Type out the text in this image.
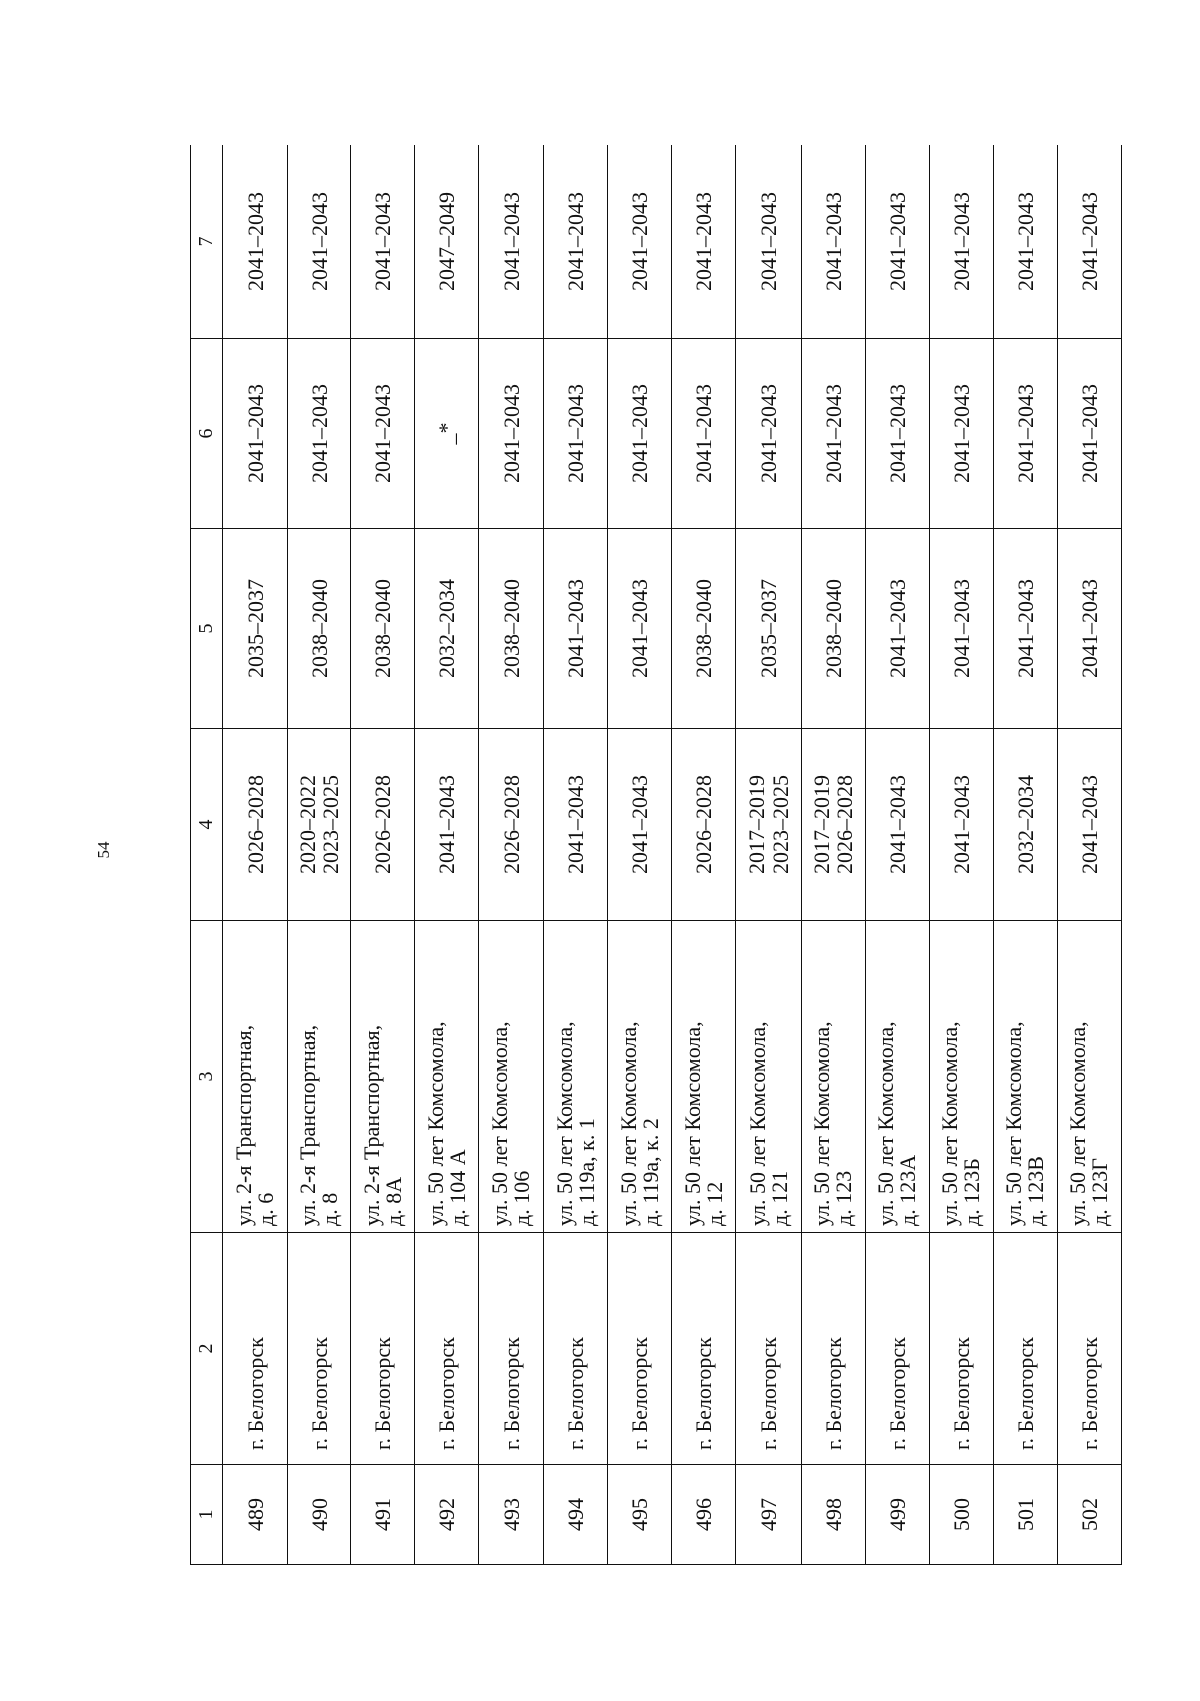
54
1	2	3	4	5	6	7
489	г. Белогорск	ул. 2-я Транспортная,
д. 6	2026–2028	2035–2037	2041–2043	2041–2043
490	г. Белогорск	ул. 2-я Транспортная,
д. 8	2020–2022
2023–2025	2038–2040	2041–2043	2041–2043
491	г. Белогорск	ул. 2-я Транспортная,
д. 8А	2026–2028	2038–2040	2041–2043	2041–2043
492	г. Белогорск	ул. 50 лет Комсомола,
д. 104 А	2041–2043	2032–2034	_*	2047–2049
493	г. Белогорск	ул. 50 лет Комсомола,
д. 106	2026–2028	2038–2040	2041–2043	2041–2043
494	г. Белогорск	ул. 50 лет Комсомола,
д. 119а, к. 1	2041–2043	2041–2043	2041–2043	2041–2043
495	г. Белогорск	ул. 50 лет Комсомола,
д. 119а, к. 2	2041–2043	2041–2043	2041–2043	2041–2043
496	г. Белогорск	ул. 50 лет Комсомола,
д. 12	2026–2028	2038–2040	2041–2043	2041–2043
497	г. Белогорск	ул. 50 лет Комсомола,
д. 121	2017–2019
2023–2025	2035–2037	2041–2043	2041–2043
498	г. Белогорск	ул. 50 лет Комсомола,
д. 123	2017–2019
2026–2028	2038–2040	2041–2043	2041–2043
499	г. Белогорск	ул. 50 лет Комсомола,
д. 123А	2041–2043	2041–2043	2041–2043	2041–2043
500	г. Белогорск	ул. 50 лет Комсомола,
д. 123Б	2041–2043	2041–2043	2041–2043	2041–2043
501	г. Белогорск	ул. 50 лет Комсомола,
д. 123В	2032–2034	2041–2043	2041–2043	2041–2043
502	г. Белогорск	ул. 50 лет Комсомола,
д. 123Г	2041–2043	2041–2043	2041–2043	2041–2043
